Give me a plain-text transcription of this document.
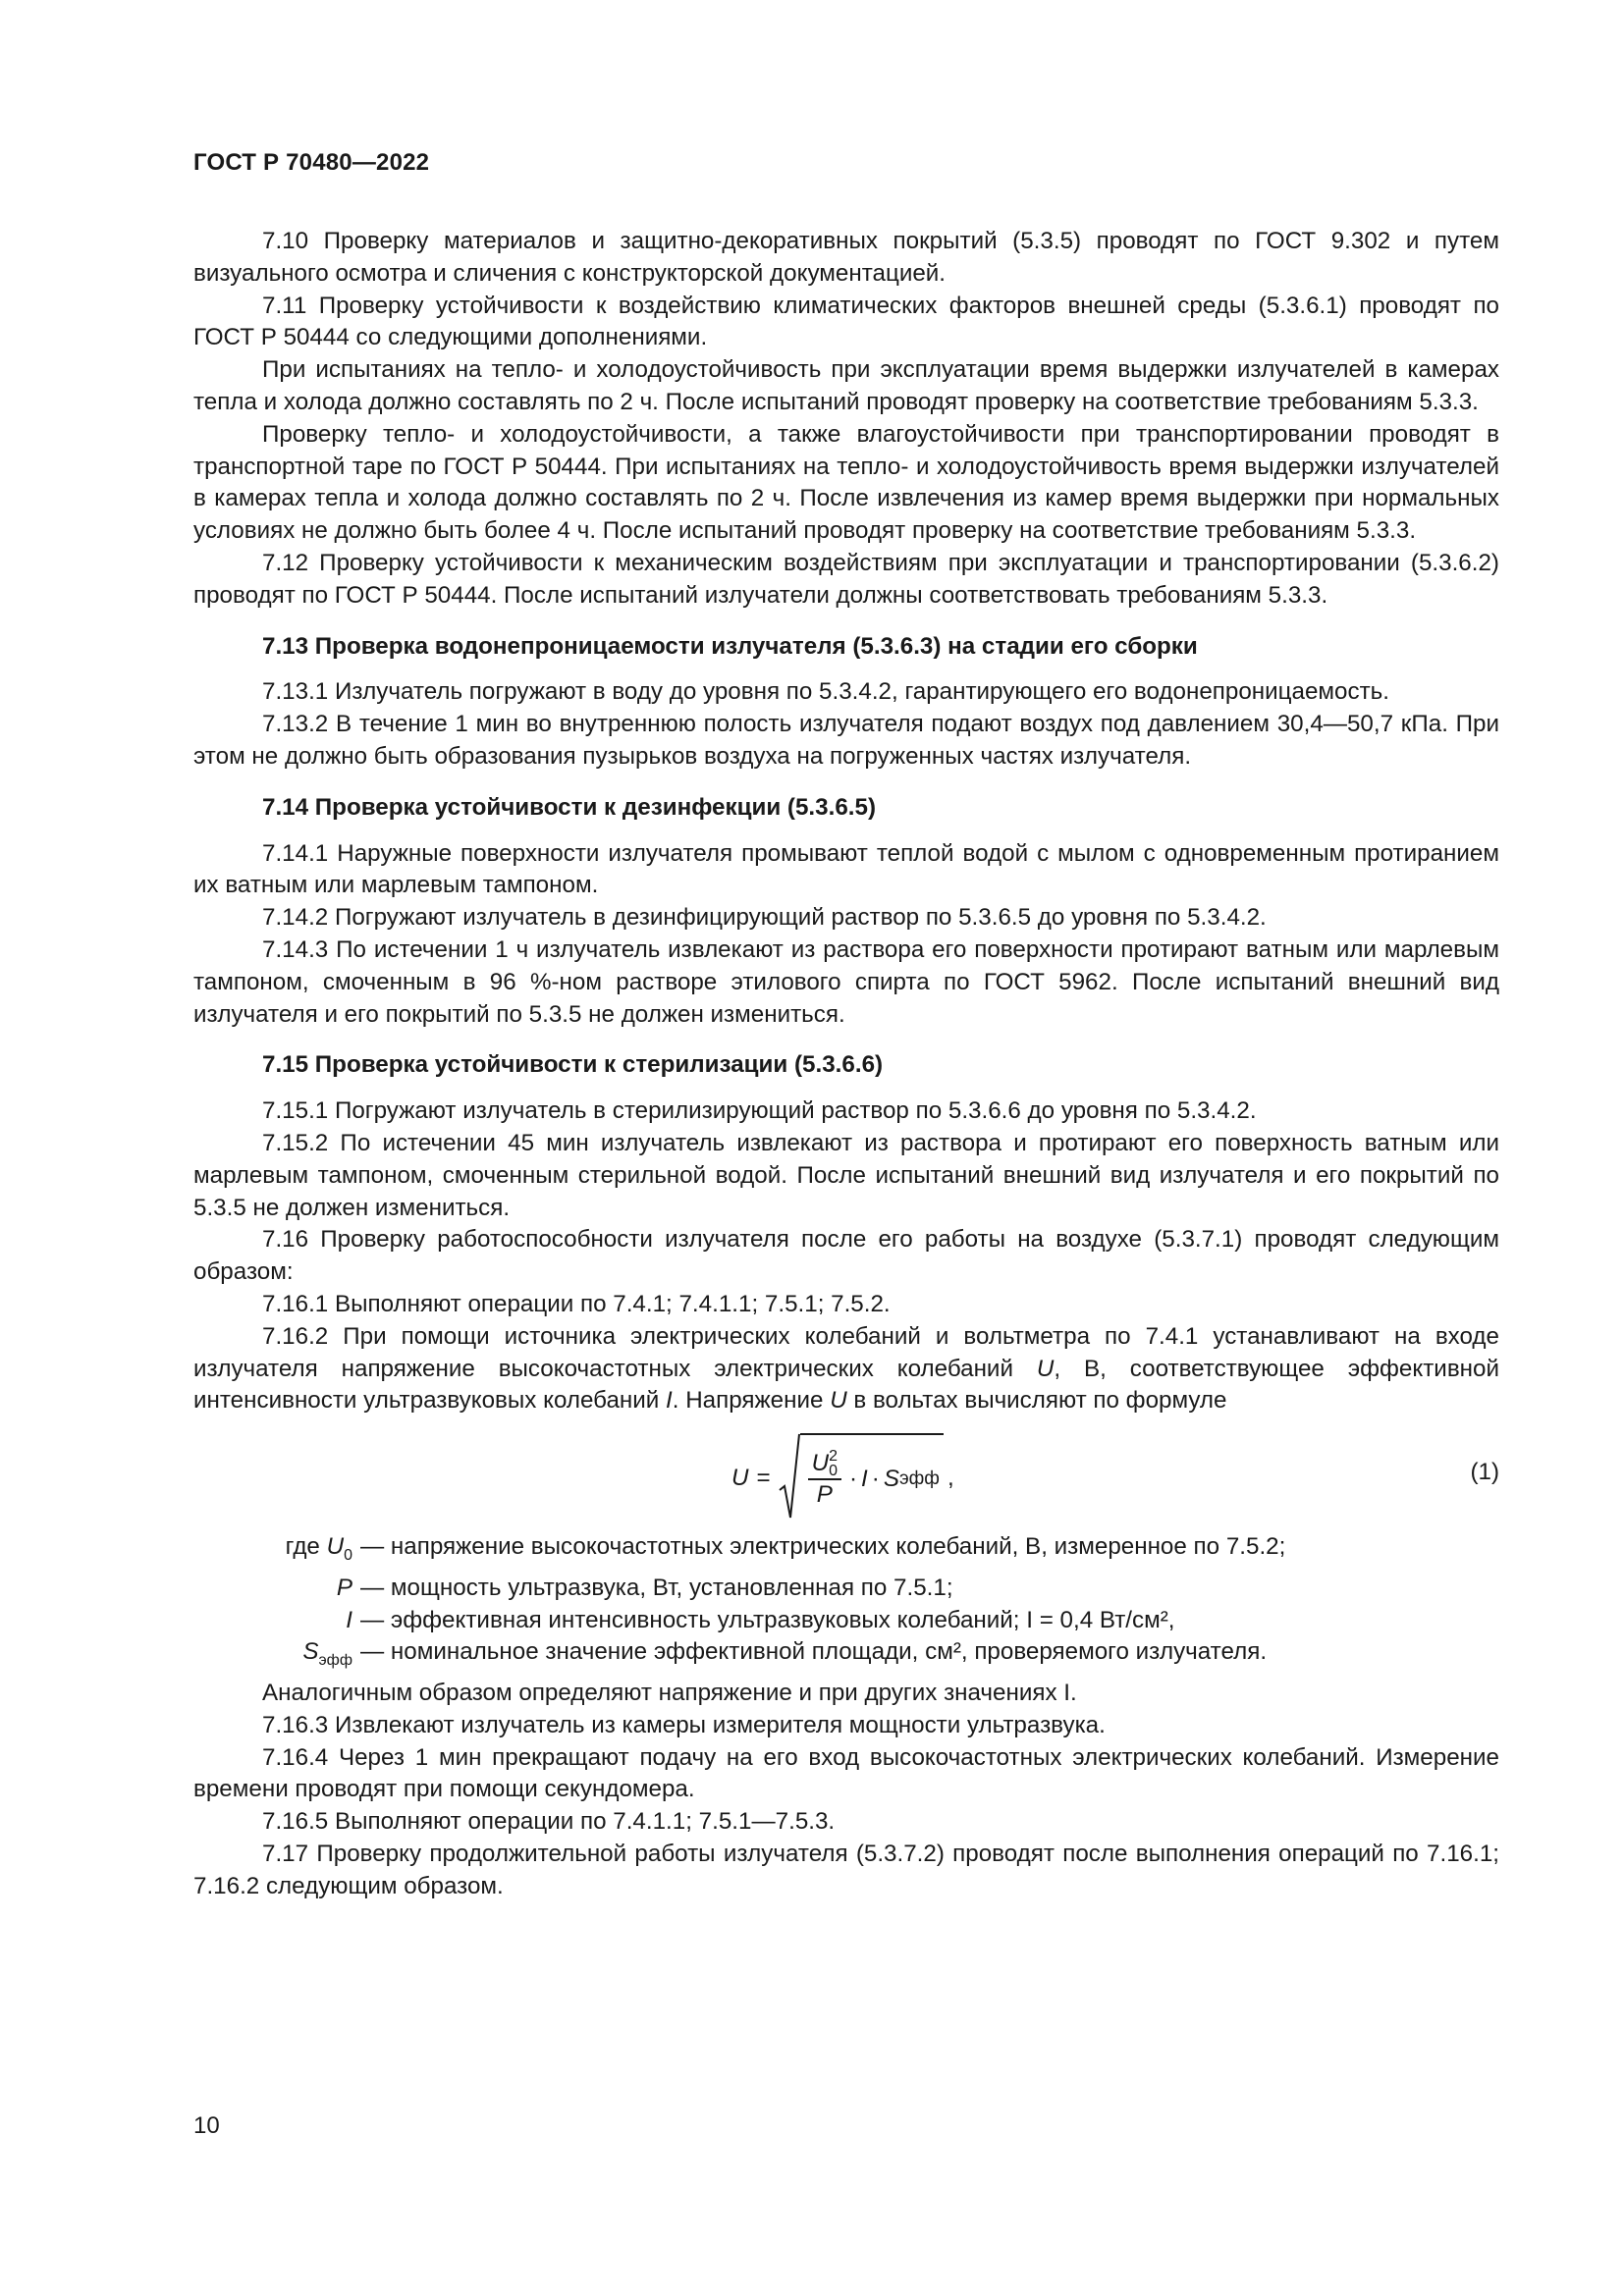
ГОСТ Р 70480—2022

7.10 Проверку материалов и защитно-декоративных покрытий (5.3.5) проводят по ГОСТ 9.302 и путем визуального осмотра и сличения с конструкторской документацией.

7.11 Проверку устойчивости к воздействию климатических факторов внешней среды (5.3.6.1) проводят по ГОСТ Р 50444 со следующими дополнениями.

При испытаниях на тепло- и холодоустойчивость при эксплуатации время выдержки излучателей в камерах тепла и холода должно составлять по 2 ч. После испытаний проводят проверку на соответствие требованиям 5.3.3.

Проверку тепло- и холодоустойчивости, а также влагоустойчивости при транспортировании проводят в транспортной таре по ГОСТ Р 50444. При испытаниях на тепло- и холодоустойчивость время выдержки излучателей в камерах тепла и холода должно составлять по 2 ч. После извлечения из камер время выдержки при нормальных условиях не должно быть более 4 ч. После испытаний проводят проверку на соответствие требованиям 5.3.3.

7.12 Проверку устойчивости к механическим воздействиям при эксплуатации и транспортировании (5.3.6.2) проводят по ГОСТ Р 50444. После испытаний излучатели должны соответствовать требованиям 5.3.3.

7.13 Проверка водонепроницаемости излучателя (5.3.6.3) на стадии его сборки

7.13.1 Излучатель погружают в воду до уровня по 5.3.4.2, гарантирующего его водонепроницаемость.

7.13.2 В течение 1 мин во внутреннюю полость излучателя подают воздух под давлением 30,4—50,7 кПа. При этом не должно быть образования пузырьков воздуха на погруженных частях излучателя.

7.14 Проверка устойчивости к дезинфекции (5.3.6.5)

7.14.1 Наружные поверхности излучателя промывают теплой водой с мылом с одновременным протиранием их ватным или марлевым тампоном.

7.14.2 Погружают излучатель в дезинфицирующий раствор по 5.3.6.5 до уровня по 5.3.4.2.

7.14.3 По истечении 1 ч излучатель извлекают из раствора его поверхности протирают ватным или марлевым тампоном, смоченным в 96 %-ном растворе этилового спирта по ГОСТ 5962. После испытаний внешний вид излучателя и его покрытий по 5.3.5 не должен измениться.

7.15 Проверка устойчивости к стерилизации (5.3.6.6)

7.15.1 Погружают излучатель в стерилизирующий раствор по 5.3.6.6 до уровня по 5.3.4.2.

7.15.2 По истечении 45 мин излучатель извлекают из раствора и протирают его поверхность ватным или марлевым тампоном, смоченным стерильной водой. После испытаний внешний вид излучателя и его покрытий по 5.3.5 не должен измениться.

7.16 Проверку работоспособности излучателя после его работы на воздухе (5.3.7.1) проводят следующим образом:

7.16.1 Выполняют операции по 7.4.1; 7.4.1.1; 7.5.1; 7.5.2.

7.16.2 При помощи источника электрических колебаний и вольтметра по 7.4.1 устанавливают на входе излучателя напряжение высокочастотных электрических колебаний U, В, соответствующее эффективной интенсивности ультразвуковых колебаний I. Напряжение U в вольтах вычисляют по формуле

U = U 2
0
P · I · S эфф ,	(1)
где $U_0$ — напряжение высокочастотных электрических колебаний, В, измеренное по 7.5.2;
P — мощность ультразвука, Вт, установленная по 7.5.1;
I — эффективная интенсивность ультразвуковых колебаний; I = 0,4 Вт/см²,
$S_{эфф}$ — номинальное значение эффективной площади, см², проверяемого излучателя.

Аналогичным образом определяют напряжение и при других значениях I.

7.16.3 Извлекают излучатель из камеры измерителя мощности ультразвука.

7.16.4 Через 1 мин прекращают подачу на его вход высокочастотных электрических колебаний. Измерение времени проводят при помощи секундомера.

7.16.5 Выполняют операции по 7.4.1.1; 7.5.1—7.5.3.

7.17 Проверку продолжительной работы излучателя (5.3.7.2) проводят после выполнения операций по 7.16.1; 7.16.2 следующим образом.

10
